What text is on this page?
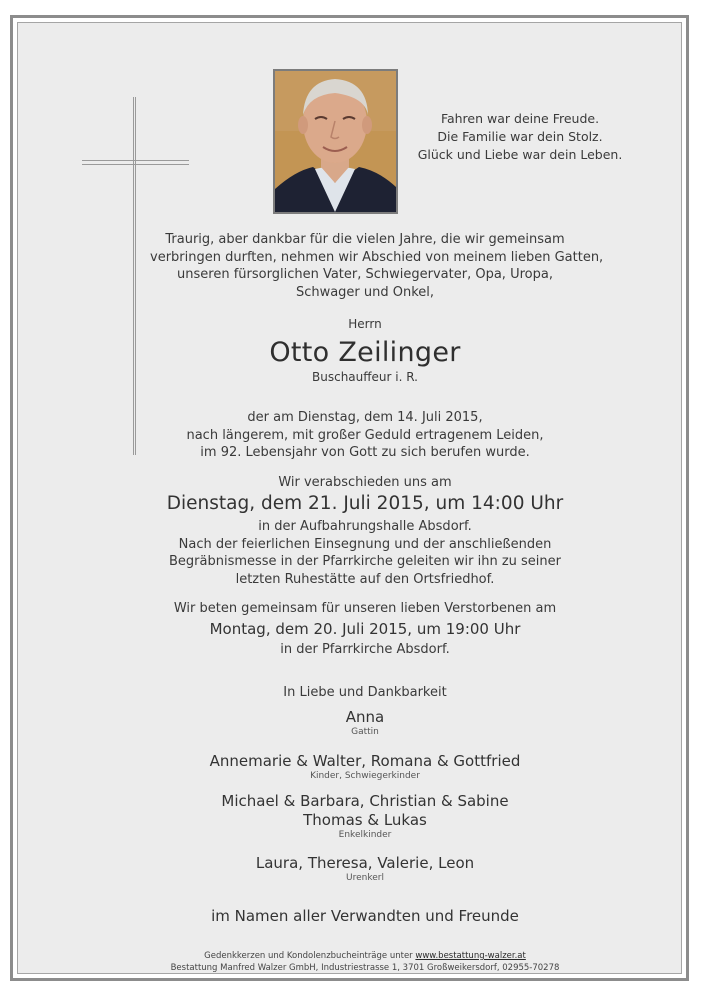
Fahren war deine Freude.
Die Familie war dein Stolz.
Glück und Liebe war dein Leben.
Traurig, aber dankbar für die vielen Jahre, die wir gemeinsam
verbringen durften, nehmen wir Abschied von meinem lieben Gatten,
unseren fürsorglichen Vater, Schwiegervater, Opa, Uropa,
Schwager und Onkel,
Herrn
Otto Zeilinger
Buschauffeur i. R.
der am Dienstag, dem 14. Juli 2015,
nach längerem, mit großer Geduld ertragenem Leiden,
im 92. Lebensjahr von Gott zu sich berufen wurde.
Wir verabschieden uns am
Dienstag, dem 21. Juli 2015, um 14:00 Uhr
in der Aufbahrungshalle Absdorf.
Nach der feierlichen Einsegnung und der anschließenden
Begräbnismesse in der Pfarrkirche geleiten wir ihn zu seiner
letzten Ruhestätte auf den Ortsfriedhof.
Wir beten gemeinsam für unseren lieben Verstorbenen am
Montag, dem 20. Juli 2015, um 19:00 Uhr
in der Pfarrkirche Absdorf.
In Liebe und Dankbarkeit
Anna
Gattin
Annemarie & Walter, Romana & Gottfried
Kinder, Schwiegerkinder
Michael & Barbara, Christian & Sabine
Thomas & Lukas
Enkelkinder
Laura, Theresa, Valerie, Leon
Urenkerl
im Namen aller Verwandten und Freunde
Gedenkkerzen und Kondolenzbucheinträge unter www.bestattung-walzer.at
Bestattung Manfred Walzer GmbH, Industriestrasse 1, 3701 Großweikersdorf, 02955-70278
